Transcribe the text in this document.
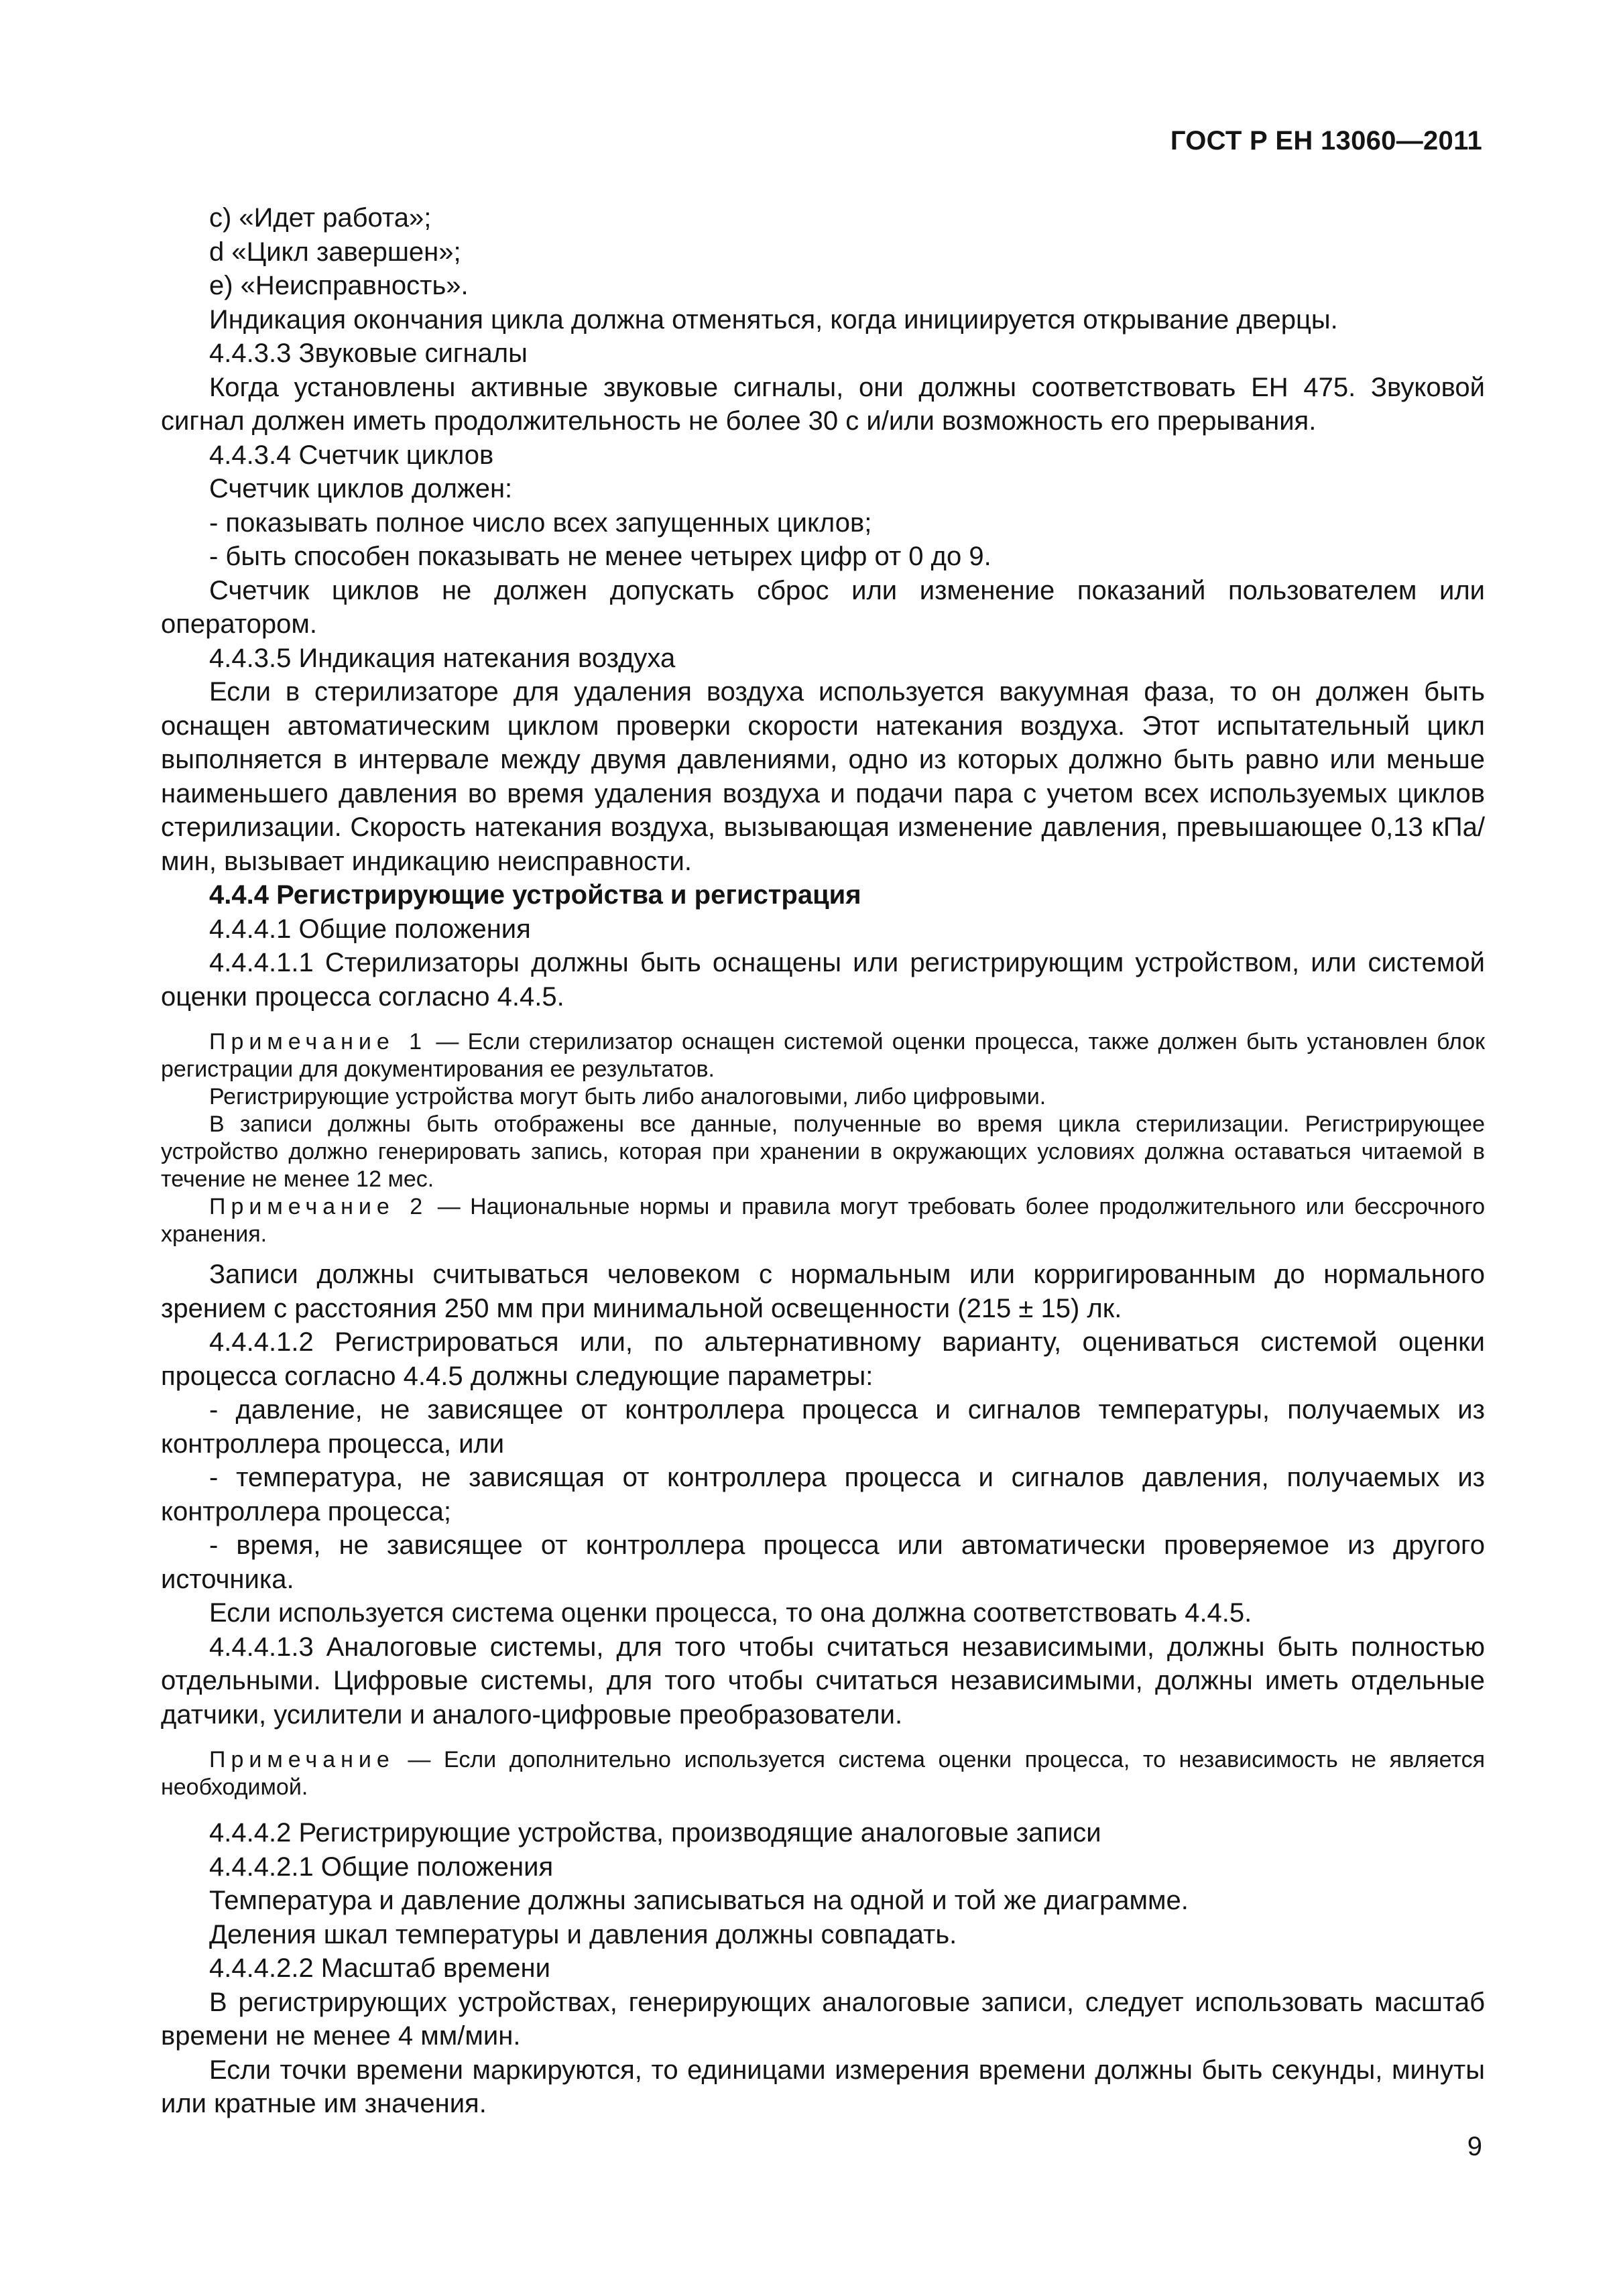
ГОСТ Р ЕН 13060—2011

с) «Идет работа»;

d «Цикл завершен»;

е) «Неисправность».

Индикация окончания цикла должна отменяться, когда инициируется открывание дверцы.

4.4.3.3 Звуковые сигналы

Когда установлены активные звуковые сигналы, они должны соответствовать ЕН 475. Звуковой сигнал должен иметь продолжительность не более 30 с и/или возможность его прерывания.

4.4.3.4 Счетчик циклов

Счетчик циклов должен:

- показывать полное число всех запущенных циклов;

- быть способен показывать не менее четырех цифр от 0 до 9.

Счетчик циклов не должен допускать сброс или изменение показаний пользователем или оператором.

4.4.3.5 Индикация натекания воздуха

Если в стерилизаторе для удаления воздуха используется вакуумная фаза, то он должен быть оснащен автоматическим циклом проверки скорости натекания воздуха. Этот испытательный цикл выполняется в интервале между двумя давлениями, одно из которых должно быть равно или меньше наименьшего давления во время удаления воздуха и подачи пара с учетом всех используемых циклов стерилизации. Скорость натекания воздуха, вызывающая изменение давления, превышающее 0,13 кПа/мин, вызывает индикацию неисправности.

4.4.4 Регистрирующие устройства и регистрация

4.4.4.1 Общие положения

4.4.4.1.1 Стерилизаторы должны быть оснащены или регистрирующим устройством, или системой оценки процесса согласно 4.4.5.

Примечание 1 — Если стерилизатор оснащен системой оценки процесса, также должен быть установлен блок регистрации для документирования ее результатов.

Регистрирующие устройства могут быть либо аналоговыми, либо цифровыми.

В записи должны быть отображены все данные, полученные во время цикла стерилизации. Регистрирующее устройство должно генерировать запись, которая при хранении в окружающих условиях должна оставаться читаемой в течение не менее 12 мес.

Примечание 2 — Национальные нормы и правила могут требовать более продолжительного или бессрочного хранения.

Записи должны считываться человеком с нормальным или корригированным до нормального зрением с расстояния 250 мм при минимальной освещенности (215 ± 15) лк.

4.4.4.1.2 Регистрироваться или, по альтернативному варианту, оцениваться системой оценки процесса согласно 4.4.5 должны следующие параметры:

- давление, не зависящее от контроллера процесса и сигналов температуры, получаемых из контроллера процесса, или

- температура, не зависящая от контроллера процесса и сигналов давления, получаемых из контроллера процесса;

- время, не зависящее от контроллера процесса или автоматически проверяемое из другого источника.

Если используется система оценки процесса, то она должна соответствовать 4.4.5.

4.4.4.1.3 Аналоговые системы, для того чтобы считаться независимыми, должны быть полностью отдельными. Цифровые системы, для того чтобы считаться независимыми, должны иметь отдельные датчики, усилители и аналого-цифровые преобразователи.

Примечание — Если дополнительно используется система оценки процесса, то независимость не является необходимой.

4.4.4.2 Регистрирующие устройства, производящие аналоговые записи

4.4.4.2.1 Общие положения

Температура и давление должны записываться на одной и той же диаграмме.

Деления шкал температуры и давления должны совпадать.

4.4.4.2.2 Масштаб времени

В регистрирующих устройствах, генерирующих аналоговые записи, следует использовать масштаб времени не менее 4 мм/мин.

Если точки времени маркируются, то единицами измерения времени должны быть секунды, минуты или кратные им значения.

9
